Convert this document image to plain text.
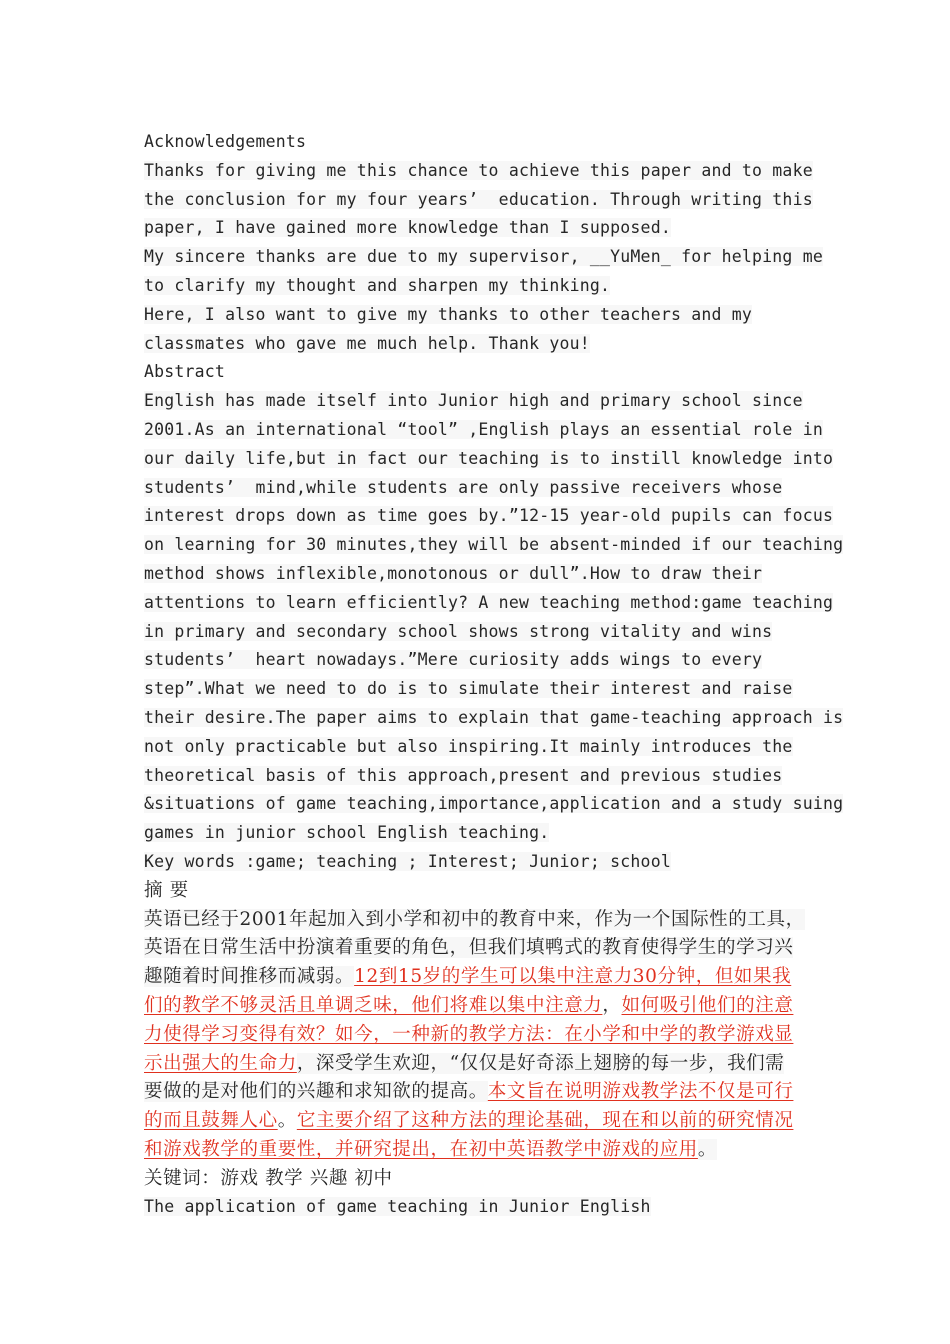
Acknowledgements
Thanks for giving me this chance to achieve this paper and to make
the conclusion for my four years’  education. Through writing this
paper, I have gained more knowledge than I supposed.
My sincere thanks are due to my supervisor, __YuMen_ for helping me
to clarify my thought and sharpen my thinking.
Here, I also want to give my thanks to other teachers and my
classmates who gave me much help. Thank you!
Abstract
English has made itself into Junior high and primary school since
2001.As an international “tool” ,English plays an essential role in
our daily life,but in fact our teaching is to instill knowledge into
students’  mind,while students are only passive receivers whose
interest drops down as time goes by.”12-15 year-old pupils can focus
on learning for 30 minutes,they will be absent-minded if our teaching
method shows inflexible,monotonous or dull”.How to draw their
attentions to learn efficiently? A new teaching method:game teaching
in primary and secondary school shows strong vitality and wins
students’  heart nowadays.”Mere curiosity adds wings to every
step”.What we need to do is to simulate their interest and raise
their desire.The paper aims to explain that game-teaching approach is
not only practicable but also inspiring.It mainly introduces the
theoretical basis of this approach,present and previous studies
&situations of game teaching,importance,application and a study suing
games in junior school English teaching.
Key words :game; teaching ; Interest; Junior; school
摘 要
英语已经于2001年起加入到小学和初中的教育中来，作为一个国际性的工具，
英语在日常生活中扮演着重要的角色，但我们填鸭式的教育使得学生的学习兴
趣随着时间推移而减弱。12到15岁的学生可以集中注意力30分钟，但如果我
们的教学不够灵活且单调乏味，他们将难以集中注意力，如何吸引他们的注意
力使得学习变得有效？如今，一种新的教学方法：在小学和中学的教学游戏显
示出强大的生命力，深受学生欢迎，“仅仅是好奇添上翅膀的每一步，我们需
要做的是对他们的兴趣和求知欲的提高。本文旨在说明游戏教学法不仅是可行
的而且鼓舞人心。它主要介绍了这种方法的理论基础，现在和以前的研究情况
和游戏教学的重要性，并研究提出，在初中英语教学中游戏的应用。
关键词：游戏 教学 兴趣 初中
The application of game teaching in Junior English
